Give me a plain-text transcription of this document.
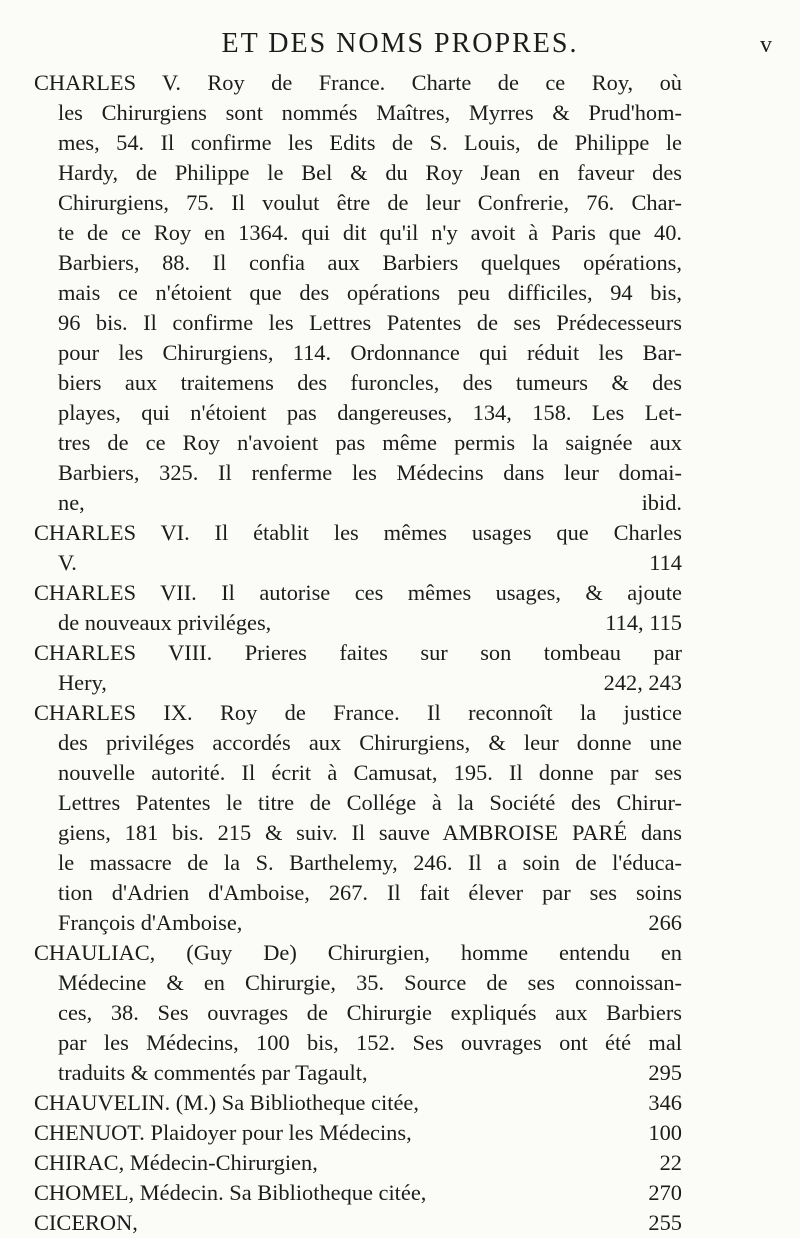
ET DES NOMS PROPRES.	v
CHARLES V. Roy de France. Charte de ce Roy, où
les Chirurgiens sont nommés Maîtres, Myrres & Prud'hom-
mes, 54. Il confirme les Edits de S. Louis, de Philippe le
Hardy, de Philippe le Bel & du Roy Jean en faveur des
Chirurgiens, 75. Il voulut être de leur Confrerie, 76. Char-
te de ce Roy en 1364. qui dit qu'il n'y avoit à Paris que 40.
Barbiers, 88. Il confia aux Barbiers quelques opérations,
mais ce n'étoient que des opérations peu difficiles, 94 bis,
96 bis. Il confirme les Lettres Patentes de ses Prédecesseurs
pour les Chirurgiens, 114. Ordonnance qui réduit les Bar-
biers aux traitemens des furoncles, des tumeurs & des
playes, qui n'étoient pas dangereuses, 134, 158. Les Let-
tres de ce Roy n'avoient pas même permis la saignée aux
Barbiers, 325. Il renferme les Médecins dans leur domai-
ne,	ibid.
CHARLES VI. Il établit les mêmes usages que Charles
V.	114
CHARLES VII. Il autorise ces mêmes usages, & ajoute
de nouveaux priviléges,	114, 115
CHARLES VIII. Prieres faites sur son tombeau par
Hery,	242, 243
CHARLES IX. Roy de France. Il reconnoît la justice
des priviléges accordés aux Chirurgiens, & leur donne une
nouvelle autorité. Il écrit à Camusat, 195. Il donne par ses
Lettres Patentes le titre de Collége à la Société des Chirur-
giens, 181 bis. 215 & suiv. Il sauve AMBROISE PARÉ dans
le massacre de la S. Barthelemy, 246. Il a soin de l'éduca-
tion d'Adrien d'Amboise, 267. Il fait élever par ses soins
François d'Amboise,	266
CHAULIAC, (Guy De) Chirurgien, homme entendu en
Médecine & en Chirurgie, 35. Source de ses connoissan-
ces, 38. Ses ouvrages de Chirurgie expliqués aux Barbiers
par les Médecins, 100 bis, 152. Ses ouvrages ont été mal
traduits & commentés par Tagault,	295
CHAUVELIN. (M.) Sa Bibliotheque citée,	346
CHENUOT. Plaidoyer pour les Médecins,	100
CHIRAC, Médecin-Chirurgien,	22
CHOMEL, Médecin. Sa Bibliotheque citée,	270
CICERON,	255
